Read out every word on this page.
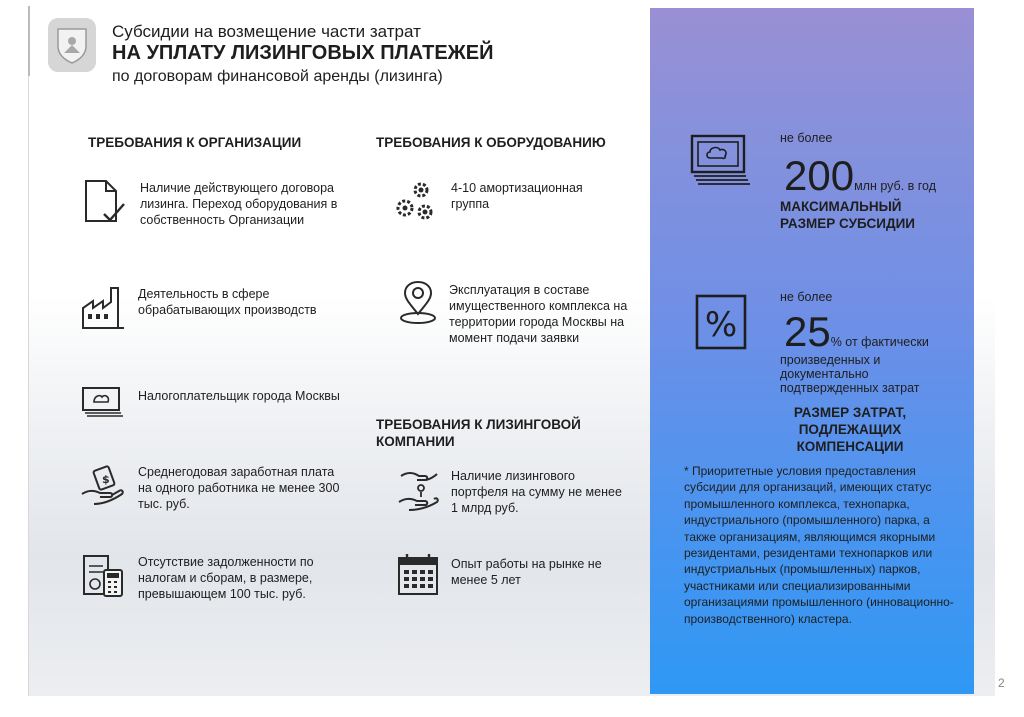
Субсидии на возмещение части затрат
НА УПЛАТУ ЛИЗИНГОВЫХ ПЛАТЕЖЕЙ
по договорам финансовой аренды (лизинга)
ТРЕБОВАНИЯ К ОРГАНИЗАЦИИ
Наличие действующего договора лизинга. Переход оборудования в собственность Организации
Деятельность в сфере обрабатывающих производств
Налогоплательщик города Москвы
$
Среднегодовая заработная плата на одного работника не менее 300 тыс. руб.
Отсутствие задолженности по налогам и сборам, в размере, превышающем 100 тыс. руб.
ТРЕБОВАНИЯ К ОБОРУДОВАНИЮ
4-10 амортизационная группа
Эксплуатация в составе имущественного комплекса на территории города Москвы на момент подачи заявки
ТРЕБОВАНИЯ К ЛИЗИНГОВОЙ КОМПАНИИ
Наличие лизингового портфеля на сумму не менее 1 млрд руб.
Опыт работы на рынке не менее 5 лет
не более
200млн руб. в год
МАКСИМАЛЬНЫЙ РАЗМЕР СУБСИДИИ
%
не более
25% от фактически
произведенных и документально подтвержденных затрат
РАЗМЕР ЗАТРАТ, ПОДЛЕЖАЩИХ КОМПЕНСАЦИИ
* Приоритетные условия предоставления субсидии для организаций, имеющих статус промышленного комплекса, технопарка, индустриального (промышленного) парка, а также организациям, являющимся якорными резидентами, резидентами технопарков или индустриальных (промышленных) парков, участниками или специализированными организациями промышленного (инновационно-производственного) кластера.
2
